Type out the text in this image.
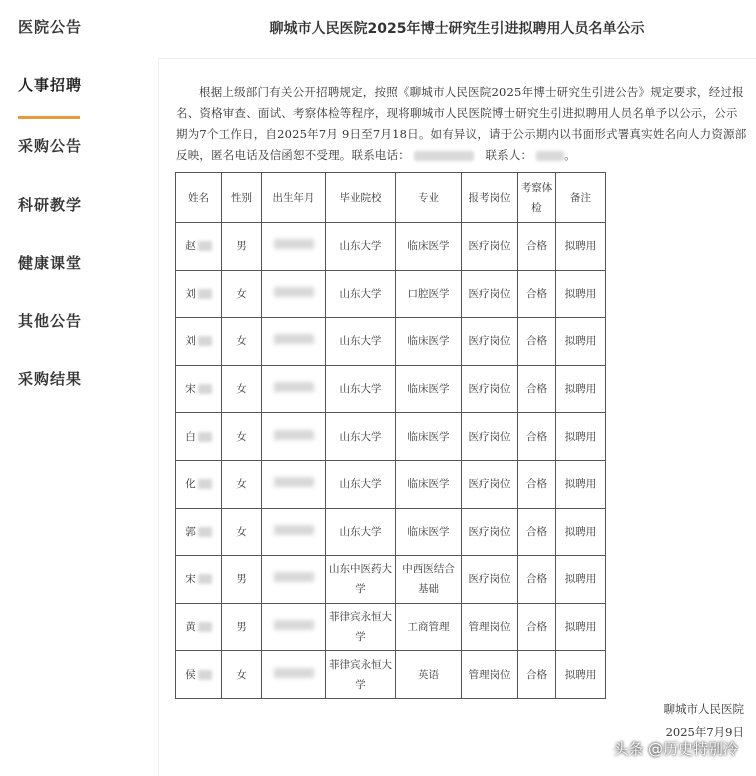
医院公告
人事招聘
采购公告
科研教学
健康课堂
其他公告
采购结果
聊城市人民医院2025年博士研究生引进拟聘用人员名单公示
根据上级部门有关公开招聘规定，按照《聊城市人民医院2025年博士研究生引进公告》规定要求，经过报名、资格审查、面试、考察体检等程序，现将聊城市人民医院博士研究生引进拟聘用人员名单予以公示，公示期为7个工作日，自2025年7月 9日至7月18日。如有异议，请于公示期内以书面形式署真实姓名向人力资源部反映，匿名电话及信函恕不受理。联系电话：	联系人：	。
姓名	性别	出生年月	毕业院校	专业	报考岗位	考察体检	备注

赵	男		山东大学	临床医学	医疗岗位	合格	拟聘用

刘	女		山东大学	口腔医学	医疗岗位	合格	拟聘用

刘	女		山东大学	临床医学	医疗岗位	合格	拟聘用

宋	女		山东大学	临床医学	医疗岗位	合格	拟聘用

白	女		山东大学	临床医学	医疗岗位	合格	拟聘用

化	女		山东大学	临床医学	医疗岗位	合格	拟聘用

郭	女		山东大学	临床医学	医疗岗位	合格	拟聘用

宋	男		山东中医药大学	中西医结合基础	医疗岗位	合格	拟聘用

黄	男		菲律宾永恒大学	工商管理	管理岗位	合格	拟聘用

侯	女		菲律宾永恒大学	英语	管理岗位	合格	拟聘用
聊城市人民医院
2025年7月9日
头条 @历史特别冷
